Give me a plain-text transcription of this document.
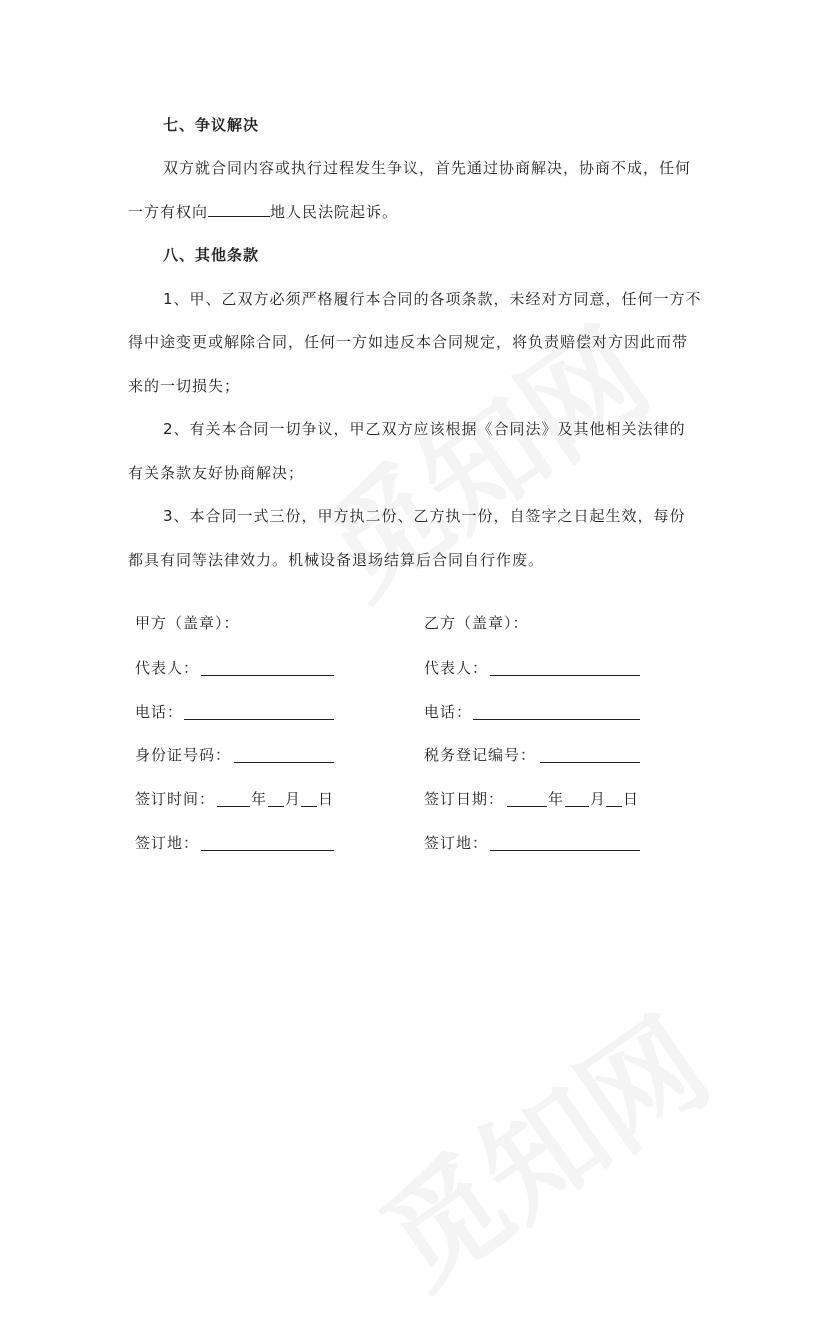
七、争议解决
双方就合同内容或执行过程发生争议，首先通过协商解决，协商不成，任何
一方有权向	地人民法院起诉。
八、其他条款
1、甲、乙双方必须严格履行本合同的各项条款，未经对方同意，任何一方不
得中途变更或解除合同，任何一方如违反本合同规定，将负责赔偿对方因此而带
来的一切损失；
2、有关本合同一切争议，甲乙双方应该根据《合同法》及其他相关法律的
有关条款友好协商解决；
3、本合同一式三份，甲方执二份、乙方执一份，自签字之日起生效，每份
都具有同等法律效力。机械设备退场结算后合同自行作废。
甲方（盖章）：
代表人：
电话：
身份证号码：
签订时间： 年 月 日
签订地：
乙方（盖章）：
代表人：
电话：
税务登记编号：
签订日期：	年 月 日
签订地：
